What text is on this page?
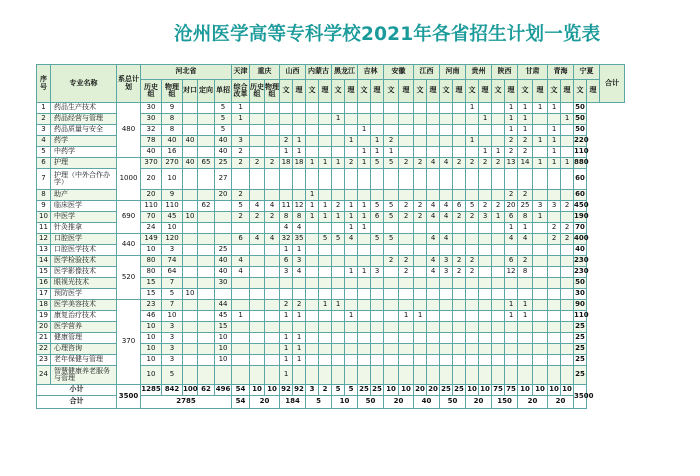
沧州医学高等专科学校2021年各省招生计划一览表
序号	专业名称	系总计划	河北省					天津	重庆		山西		内蒙古		黑龙江		吉林		安徽		江西		河南		贵州		陕西		甘肃		青海		宁夏		合计
			历史组	物理组	对口	定向	单招	综合改革	历史组	物理组	文	理	文	理	文	理	文	理	文	理	文	理	文	理	文	理	文	理	文	理	文	理	文	理	
1	药品生产技术	480	30	9			5	1																	1			1	1	1	1		50		
2	药品经营与管理		30	8			5	1							1											1		1	1			1	50		
3	药品质量与安全		32	8			5										1											1	1		1		50		
4	药学		78	40	40		40	3			2	1				1		1	2						1			2	2	1	1		220		
5	中药学		40	16			40	2			1	1					1	1	1							1	1	2	2		1		110		
6	护理	1000	370	270	40	65	25	2	2	2	18	18	1	1	1	2	1	5	5	2	2	4	4	2	2	2	2	13	14	1	1	1	880		
7	护理（中外合作办学）		20	10			27																										60		
8	助产		20	9			20	2					1															2	2				60		
9	临床医学	690	110	110		62		5	4	4	11	12	1	1	2	1	1	5	5	2	2	4	4	6	5	2	2	20	25	3	3	2	450		
10	中医学		70	45	10			2	2	2	8	8	1	1	1	1	1	6	5	2	2	4	4	2	2	3	1	6	8	1			190		
11	针灸推拿		24	10							4	4				1	1											1	1		2	2	70		
12	口腔医学	440	149	120				6	4	4	32	35		5	5	4		5	5			4	4					4	4		2	2	400		
13	口腔医学技术		10	3			25				1	1																					40		
14	医学检验技术	520	80	74			40	4			6	3							2	2		4	3	2	2			6	2				230		
15	医学影像技术		80	64			40	4			3	4				1	1	3		2		4	3	2	2			12	8				230		
16	眼视光技术		15	7			30																										50		
17	预防医学		15	5	10																												30		
18	医学美容技术	370	23	7			44				2	2		1	1													1	1				90		
19	康复治疗技术		46	10			45	1			1	1				1				1	1							1	1				110		
20	医学营养		10	3			15																										25		
21	健康管理		10	3			10				1	1																					25		
22	心理咨询		10	3			10				1	1																					25		
23	老年保健与管理		10	3			10				1	1																					25		
24	智慧健康养老服务与管理		10	5							1																						25		
小计		3500	1285	842	100	62	496	54	10	10	92	92	3	2	5	5	25	25	10	10	20	20	25	25	10	10	75	75	10	10	10	10	3500		
合计			2785					54	20		184		5		10		50		20		40		50		20		150		20		20				
